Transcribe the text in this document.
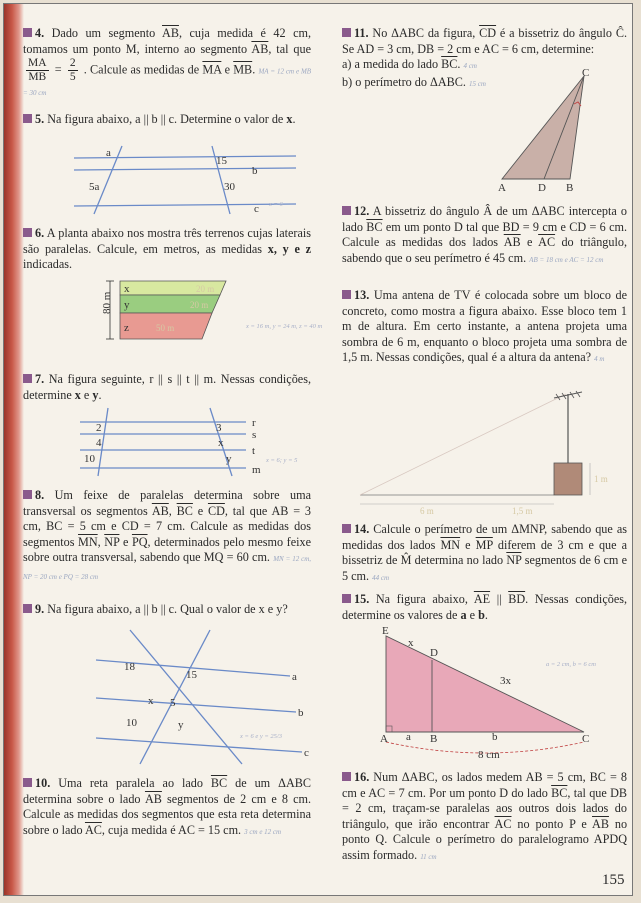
4. Dado um segmento $\overline{AB}$, cuja medida é 42 cm, tomamos um ponto M, interno ao segmento $\overline{AB}$, tal que
$\frac{MA}{MB} = \frac{2}{5}$ . Calcule as medidas de $\overline{MA}$ e $\overline{MB}$. MA = 12 cm e MB = 30 cm

5. Na figura abaixo, a || b || c. Determine o valor de x.

a
b
c
5a	30
15
x = 6

6. A planta abaixo nos mostra três terrenos cujas laterais são paralelas. Calcule, em metros, as medidas x, y e z indicadas.

80 m
x
y
z
20 m
20 m
50 m	x = 16 m, y = 24 m, z = 40 m

7. Na figura seguinte, r || s || t || m. Nessas condições, determine x e y.

r
s
t
m
2
4
10
3
x
y	x = 6; y = 5

8. Um feixe de paralelas determina sobre uma transversal os segmentos $\overline{AB}$, $\overline{BC}$ e $\overline{CD}$, tal que AB = 3 cm, BC = 5 cm e CD = 7 cm. Calcule as medidas dos segmentos $\overline{MN}$, $\overline{NP}$ e $\overline{PQ}$, determinados pelo mesmo feixe sobre outra transversal, sabendo que MQ = 60 cm. MN = 12 cm, NP = 20 cm e PQ = 28 cm

9. Na figura abaixo, a || b || c. Qual o valor de x e y?

a
b
c
18
15
x 5
10	y
x = 6 e y = 25/3

10. Uma reta paralela ao lado $\overline{BC}$ de um ΔABC determina sobre o lado $\overline{AB}$ segmentos de 2 cm e 8 cm. Calcule as medidas dos segmentos que esta reta determina sobre o lado $\overline{AC}$, cuja medida é AC = 15 cm. 3 cm e 12 cm

11. No ΔABC da figura, $\overline{CD}$ é a bissetriz do ângulo Ĉ. Se AD = 3 cm, DB = 2 cm e AC = 6 cm, determine:

a) a medida do lado $\overline{BC}$. 4 cm

b) o perímetro do ΔABC. 15 cm

C
A	D B

12. A bissetriz do ângulo Â de um ΔABC intercepta o lado $\overline{BC}$ em um ponto D tal que BD = 9 cm e CD = 6 cm. Calcule as medidas dos lados $\overline{AB}$ e $\overline{AC}$ do triângulo, sabendo que o seu perímetro é 45 cm. AB = 18 cm e AC = 12 cm

13. Uma antena de TV é colocada sobre um bloco de concreto, como mostra a figura abaixo. Esse bloco tem 1 m de altura. Em certo instante, a antena projeta uma sombra de 6 m, enquanto o bloco projeta uma sombra de 1,5 m. Nessas condições, qual é a altura da antena? 4 m

6 m	1,5 m
1 m

14. Calcule o perímetro de um ΔMNP, sabendo que as medidas dos lados $\overline{MN}$ e $\overline{MP}$ diferem de 3 cm e que a bissetriz de M̂ determina no lado $\overline{NP}$ segmentos de 6 cm e 5 cm. 44 cm

15. Na figura abaixo, $\overline{AE}$ || $\overline{BD}$. Nessas condições, determine os valores de a e b.

E
x
D
3x
A a B	b	C
8 cm
a = 2 cm, b = 6 cm

16. Num ΔABC, os lados medem AB = 5 cm, BC = 8 cm e AC = 7 cm. Por um ponto D do lado $\overline{BC}$, tal que DB = 2 cm, traçam-se paralelas aos outros dois lados do triângulo, que irão encontrar $\overline{AC}$ no ponto P e $\overline{AB}$ no ponto Q. Calcule o perímetro do paralelogramo APDQ assim formado. 11 cm

155
